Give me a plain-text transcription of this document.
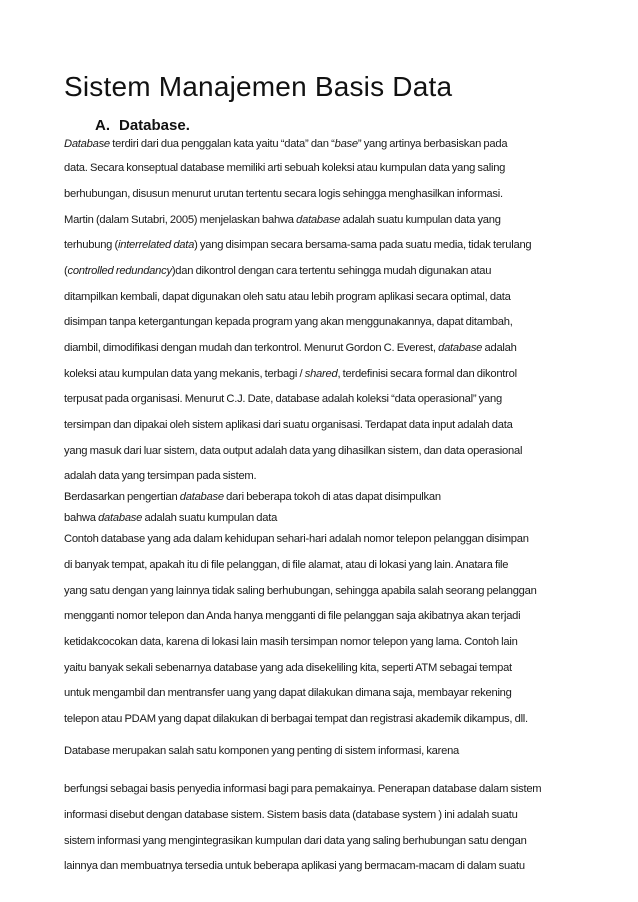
Sistem Manajemen Basis Data
A. Database.
Database terdiri dari dua penggalan kata yaitu “data” dan “base” yang artinya berbasiskan pada
data. Secara konseptual database memiliki arti sebuah koleksi atau kumpulan data yang saling
berhubungan, disusun menurut urutan tertentu secara logis sehingga menghasilkan informasi.
Martin (dalam Sutabri, 2005) menjelaskan bahwa database adalah suatu kumpulan data yang
terhubung (interrelated data) yang disimpan secara bersama-sama pada suatu media, tidak terulang
(controlled redundancy)dan dikontrol dengan cara tertentu sehingga mudah digunakan atau
ditampilkan kembali, dapat digunakan oleh satu atau lebih program aplikasi secara optimal, data
disimpan tanpa ketergantungan kepada program yang akan menggunakannya, dapat ditambah,
diambil, dimodifikasi dengan mudah dan terkontrol. Menurut Gordon C. Everest, database adalah
koleksi atau kumpulan data yang mekanis, terbagi / shared, terdefinisi secara formal dan dikontrol
terpusat pada organisasi. Menurut C.J. Date, database adalah koleksi “data operasional” yang
tersimpan dan dipakai oleh sistem aplikasi dari suatu organisasi. Terdapat data input adalah data
yang masuk dari luar sistem, data output adalah data yang dihasilkan sistem, dan data operasional
adalah data yang tersimpan pada sistem.
Berdasarkan pengertian database dari beberapa tokoh di atas dapat disimpulkan
bahwa database adalah suatu kumpulan data
Contoh database yang ada dalam kehidupan sehari-hari adalah nomor telepon pelanggan disimpan
di banyak tempat, apakah itu di file pelanggan, di file alamat, atau di lokasi yang lain. Anatara file
yang satu dengan yang lainnya tidak saling berhubungan, sehingga apabila salah seorang pelanggan
mengganti nomor telepon dan Anda hanya mengganti di file pelanggan saja akibatnya akan terjadi
ketidakcocokan data, karena di lokasi lain masih tersimpan nomor telepon yang lama. Contoh lain
yaitu banyak sekali sebenarnya database yang ada disekeliling kita, seperti ATM sebagai tempat
untuk mengambil dan mentransfer uang yang dapat dilakukan dimana saja, membayar rekening
telepon atau PDAM yang dapat dilakukan di berbagai tempat dan registrasi akademik dikampus, dll.
Database merupakan salah satu komponen yang penting di sistem informasi, karena
berfungsi sebagai basis penyedia informasi bagi para pemakainya. Penerapan database dalam sistem
informasi disebut dengan database sistem. Sistem basis data (database system ) ini adalah suatu
sistem informasi yang mengintegrasikan kumpulan dari data yang saling berhubungan satu dengan
lainnya dan membuatnya tersedia untuk beberapa aplikasi yang bermacam-macam di dalam suatu
